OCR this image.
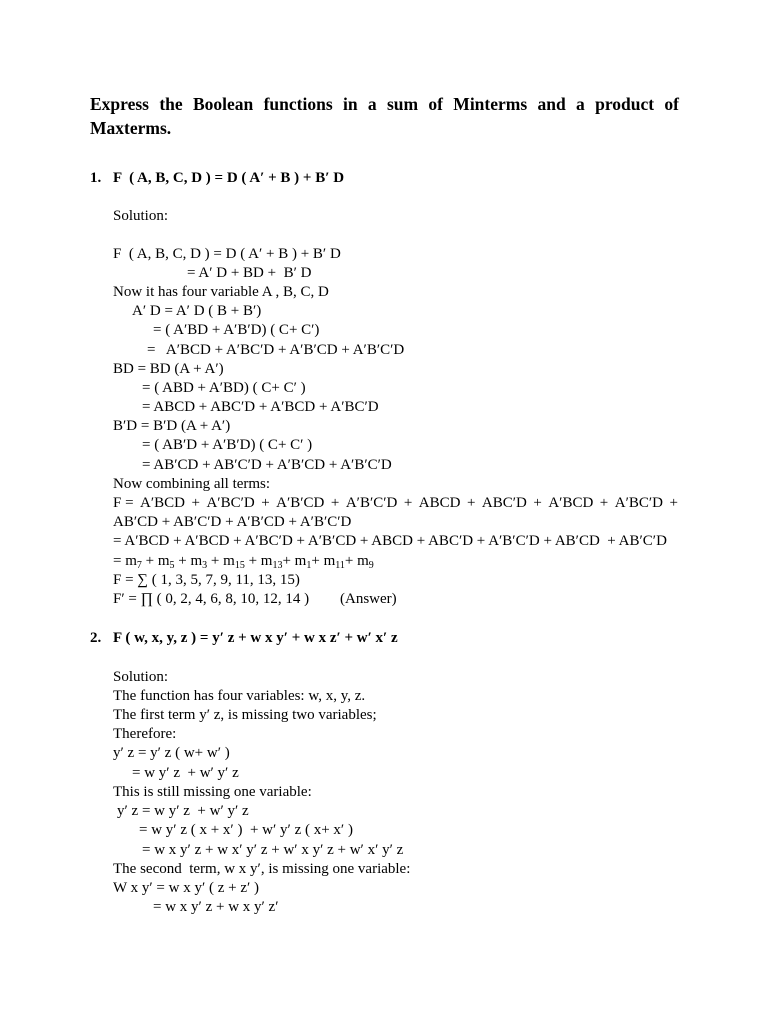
Express the Boolean functions in a sum of Minterms and a product of Maxterms.
1. F  ( A, B, C, D ) = D ( A′ + B ) + B′ D
Solution:
F  ( A, B, C, D ) = D ( A′ + B ) + B′ D
= A′ D + BD +  B′ D
Now it has four variable A , B, C, D
A′ D = A′ D ( B + B′)
= ( A′BD + A′B′D) ( C+ C′)
=   A′BCD + A′BC′D + A′B′CD + A′B′C′D
BD = BD (A + A′)
= ( ABD + A′BD) ( C+ C′ )
= ABCD + ABC′D + A′BCD + A′BC′D
B′D = B′D (A + A′)
= ( AB′D + A′B′D) ( C+ C′ )
= AB′CD + AB′C′D + A′B′CD + A′B′C′D
Now combining all terms:
F = A′BCD + A′BC′D + A′B′CD + A′B′C′D + ABCD + ABC′D + A′BCD + A′BC′D +
AB′CD + AB′C′D + A′B′CD + A′B′C′D
= A′BCD + A′BCD + A′BC′D + A′B′CD + ABCD + ABC′D + A′B′C′D + AB′CD  + AB′C′D
= $m_7 + m_5 + m_3 + m_{15} + m_{13}+ m_1+ m_{11}+ m_9$
F = ∑ ( 1, 3, 5, 7, 9, 11, 13, 15)
F′ = ∏ ( 0, 2, 4, 6, 8, 10, 12, 14 ) (Answer)
2. F ( w, x, y, z ) = y′ z + w x y′ + w x z′ + w′ x′ z
Solution:
The function has four variables: w, x, y, z.
The first term y′ z, is missing two variables;
Therefore:
y′ z = y′ z ( w+ w′ )
= w y′ z  + w′ y′ z
This is still missing one variable:
y′ z = w y′ z  + w′ y′ z
= w y′ z ( x + x′ )  + w′ y′ z ( x+ x′ )
= w x y′ z + w x′ y′ z + w′ x y′ z + w′ x′ y′ z
The second  term, w x y′, is missing one variable:
W x y′ = w x y′ ( z + z′ )
= w x y′ z + w x y′ z′
